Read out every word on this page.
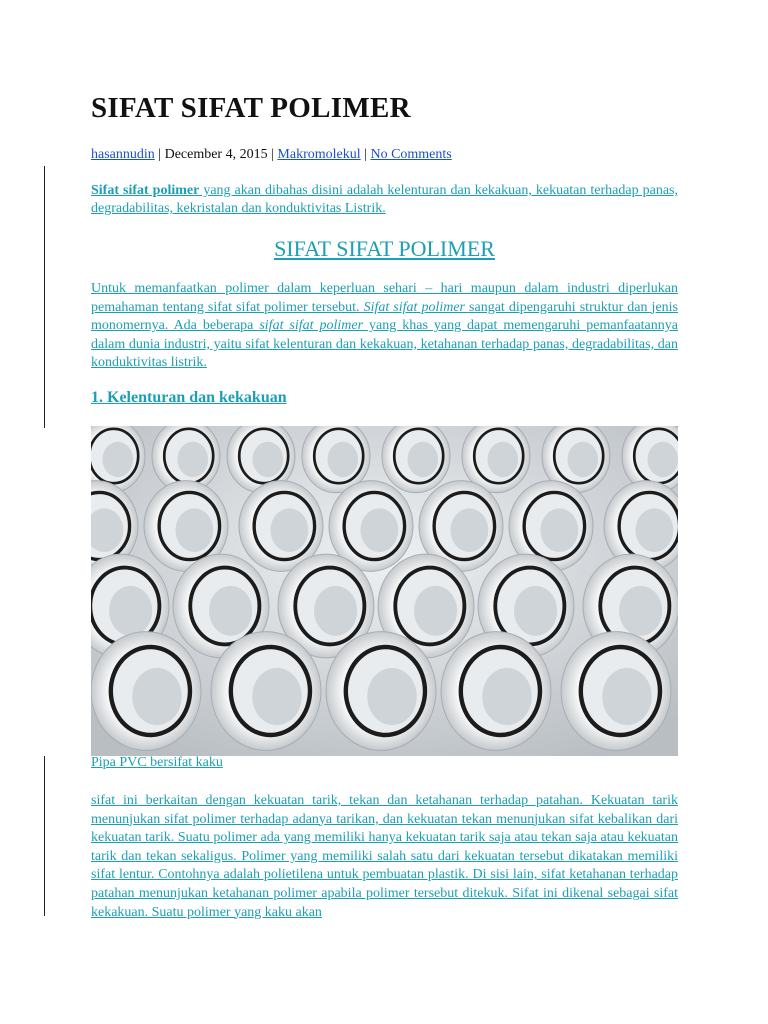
SIFAT SIFAT POLIMER
hasannudin | December 4, 2015 | Makromolekul | No Comments
Sifat sifat polimer yang akan dibahas disini adalah kelenturan dan kekakuan, kekuatan terhadap panas, degradabilitas, kekristalan dan konduktivitas Listrik.
SIFAT SIFAT POLIMER
Untuk memanfaatkan polimer dalam keperluan sehari – hari maupun dalam industri diperlukan pemahaman tentang sifat sifat polimer tersebut. Sifat sifat polimer sangat dipengaruhi struktur dan jenis monomernya. Ada beberapa sifat sifat polimer yang khas yang dapat memengaruhi pemanfaatannya dalam dunia industri, yaitu sifat kelenturan dan kekakuan, ketahanan terhadap panas, degradabilitas, dan konduktivitas listrik.
1. Kelenturan dan kekakuan
Pipa PVC bersifat kaku
sifat ini berkaitan dengan kekuatan tarik, tekan dan ketahanan terhadap patahan. Kekuatan tarik menunjukan sifat polimer terhadap adanya tarikan, dan kekuatan tekan menunjukan sifat kebalikan dari kekuatan tarik. Suatu polimer ada yang memiliki hanya kekuatan tarik saja atau tekan saja atau kekuatan tarik dan tekan sekaligus. Polimer yang memiliki salah satu dari kekuatan tersebut dikatakan memiliki sifat lentur. Contohnya adalah polietilena untuk pembuatan plastik. Di sisi lain, sifat ketahanan terhadap patahan menunjukan ketahanan polimer apabila polimer tersebut ditekuk. Sifat ini dikenal sebagai sifat kekakuan. Suatu polimer yang kaku akan
